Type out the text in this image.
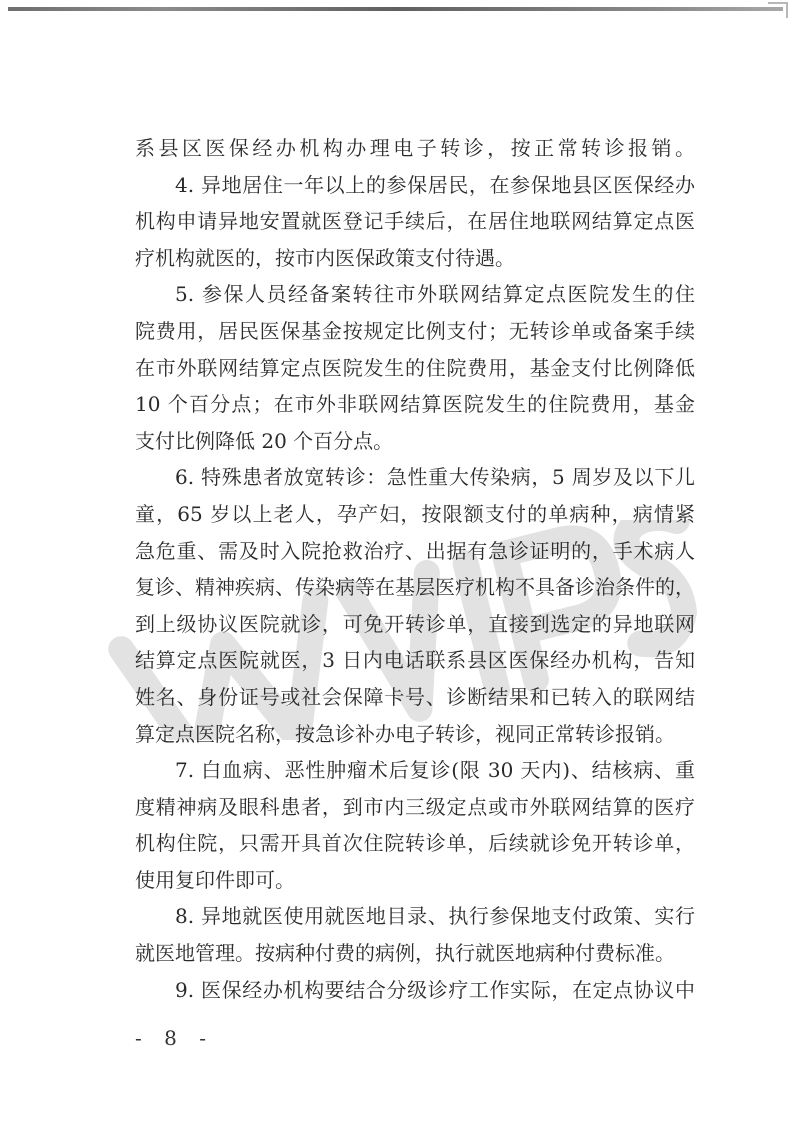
系县区医保经办机构办理电子转诊，按正常转诊报销。
4. 异地居住一年以上的参保居民，在参保地县区医保经办
机构申请异地安置就医登记手续后，在居住地联网结算定点医
疗机构就医的，按市内医保政策支付待遇。
5. 参保人员经备案转往市外联网结算定点医院发生的住
院费用，居民医保基金按规定比例支付；无转诊单或备案手续
在市外联网结算定点医院发生的住院费用，基金支付比例降低
10 个百分点；在市外非联网结算医院发生的住院费用，基金
支付比例降低 20 个百分点。
6. 特殊患者放宽转诊：急性重大传染病，5 周岁及以下儿
童，65 岁以上老人，孕产妇，按限额支付的单病种，病情紧
急危重、需及时入院抢救治疗、出据有急诊证明的，手术病人
复诊、精神疾病、传染病等在基层医疗机构不具备诊治条件的，
到上级协议医院就诊，可免开转诊单，直接到选定的异地联网
结算定点医院就医，3 日内电话联系县区医保经办机构，告知
姓名、身份证号或社会保障卡号、诊断结果和已转入的联网结
算定点医院名称，按急诊补办电子转诊，视同正常转诊报销。
7. 白血病、恶性肿瘤术后复诊(限 30 天内)、结核病、重
度精神病及眼科患者，到市内三级定点或市外联网结算的医疗
机构住院，只需开具首次住院转诊单，后续就诊免开转诊单，
使用复印件即可。
8. 异地就医使用就医地目录、执行参保地支付政策、实行
就医地管理。按病种付费的病例，执行就医地病种付费标准。
9. 医保经办机构要结合分级诊疗工作实际，在定点协议中
- 8 -
